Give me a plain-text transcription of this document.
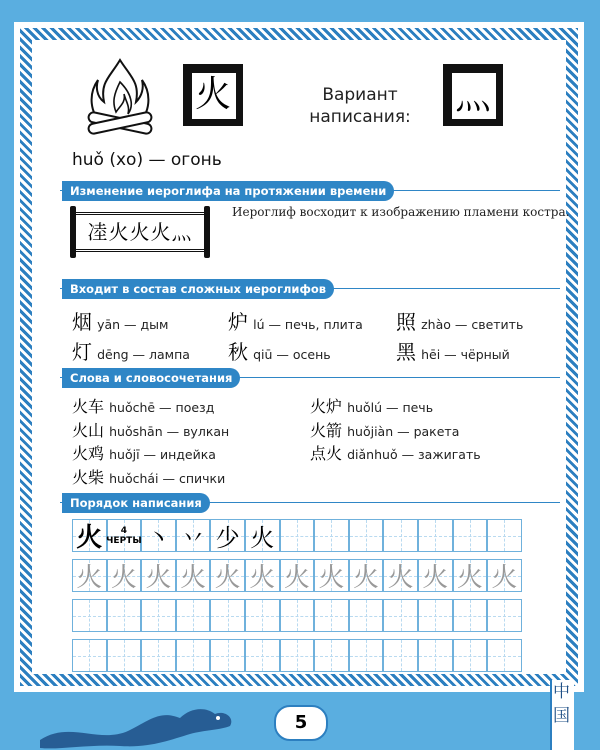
火	Вариант написания: 灬
huǒ (хо) — огонь
Изменение иероглифа на протяжении времени
㓐火火火灬
Иероглиф восходит к изображению пламени костра.
Входит в состав сложных иероглифов
烟 yān — дым	炉 lú — печь, плита 照 zhào — светить
灯 dēng — лампа 秋 qiū — осень	黑 hēi — чёрный
Слова и словосочетания
火车 huǒchē — поезд	火炉 huǒlú — печь
火山 huǒshān — вулкан	火箭 huǒjiàn — ракета
火鸡 huǒjī — индейка	点火 diǎnhuǒ — зажигать
火柴 huǒchái — спички
Порядок написания
火	4
ЧЕРТЫ 丶 丷 少 火
火 火 火 火 火 火 火 火 火 火 火 火 火
5
中国
